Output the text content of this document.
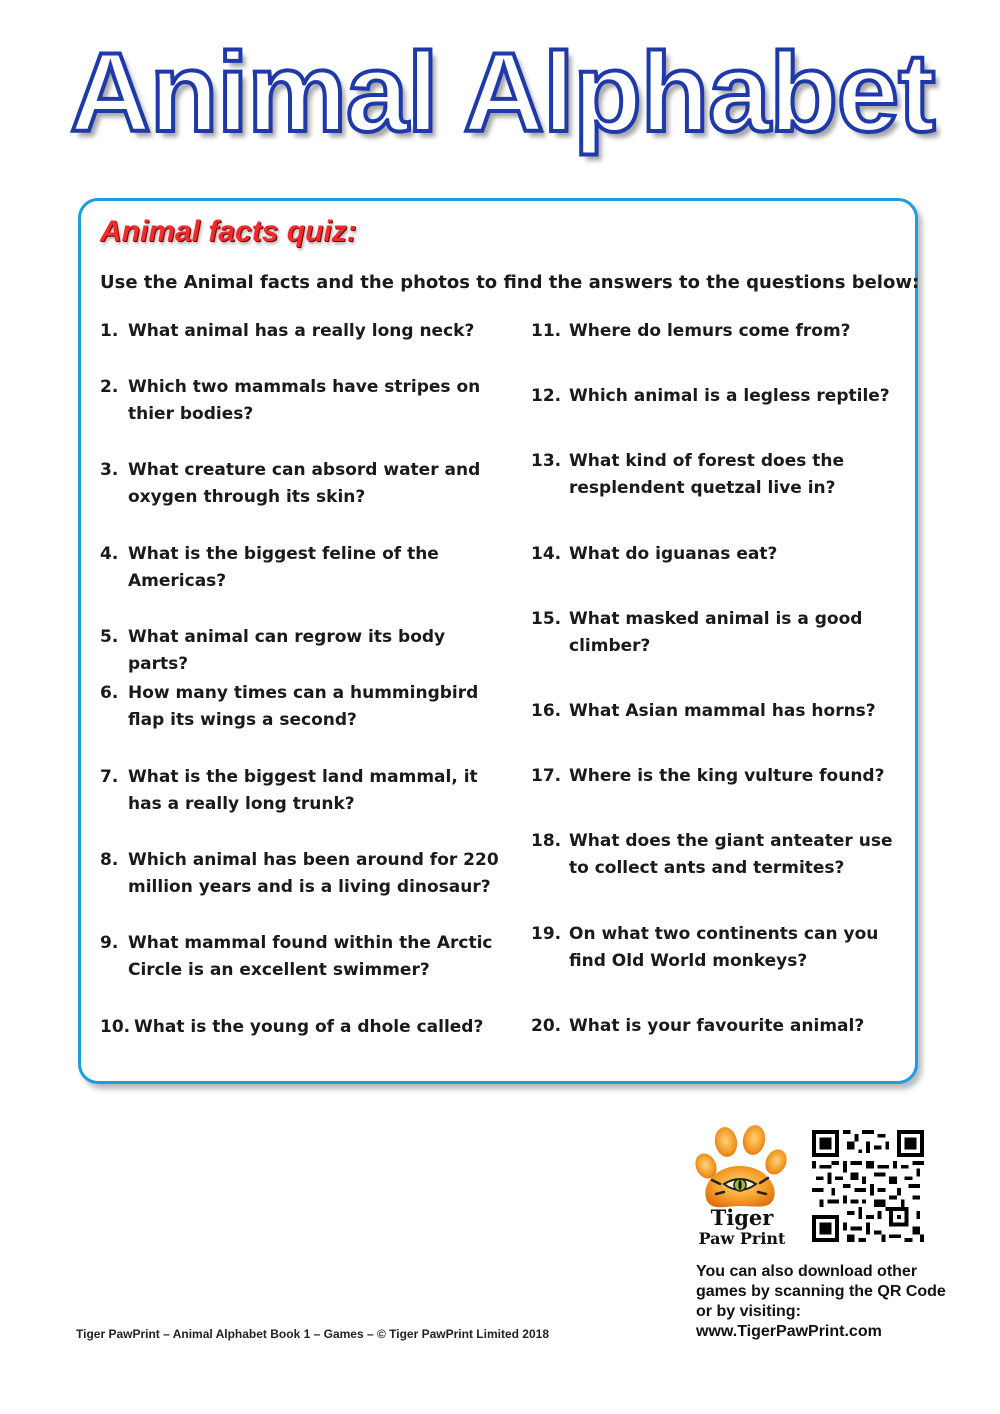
Animal Alphabet
Animal facts quiz:
Use the Animal facts and the photos to find the answers to the questions below:
1. What animal has a really long neck?
2. Which two mammals have stripes on thier bodies?
3. What creature can absord water and oxygen through its skin?
4. What is the biggest feline of the Americas?
5. What animal can regrow its body parts?
6. How many times can a hummingbird flap its wings a second?
7. What is the biggest land mammal, it has a really long trunk?
8. Which animal has been around for 220 million years and is a living dinosaur?
9. What mammal found within the Arctic Circle is an excellent swimmer?
10. What is the young of a dhole called?
11. Where do lemurs come from?
12. Which animal is a legless reptile?
13. What kind of forest does the resplendent quetzal live in?
14. What do iguanas eat?
15. What masked animal is a good climber?
16. What Asian mammal has horns?
17. Where is the king vulture found?
18. What does the giant anteater use to collect ants and termites?
19. On what two continents can you find Old World monkeys?
20. What is your favourite animal?
Tiger
Paw Print
You can also download other games by scanning the QR Code or by visiting:
www.TigerPawPrint.com
Tiger PawPrint – Animal Alphabet Book 1 – Games – © Tiger PawPrint Limited 2018
